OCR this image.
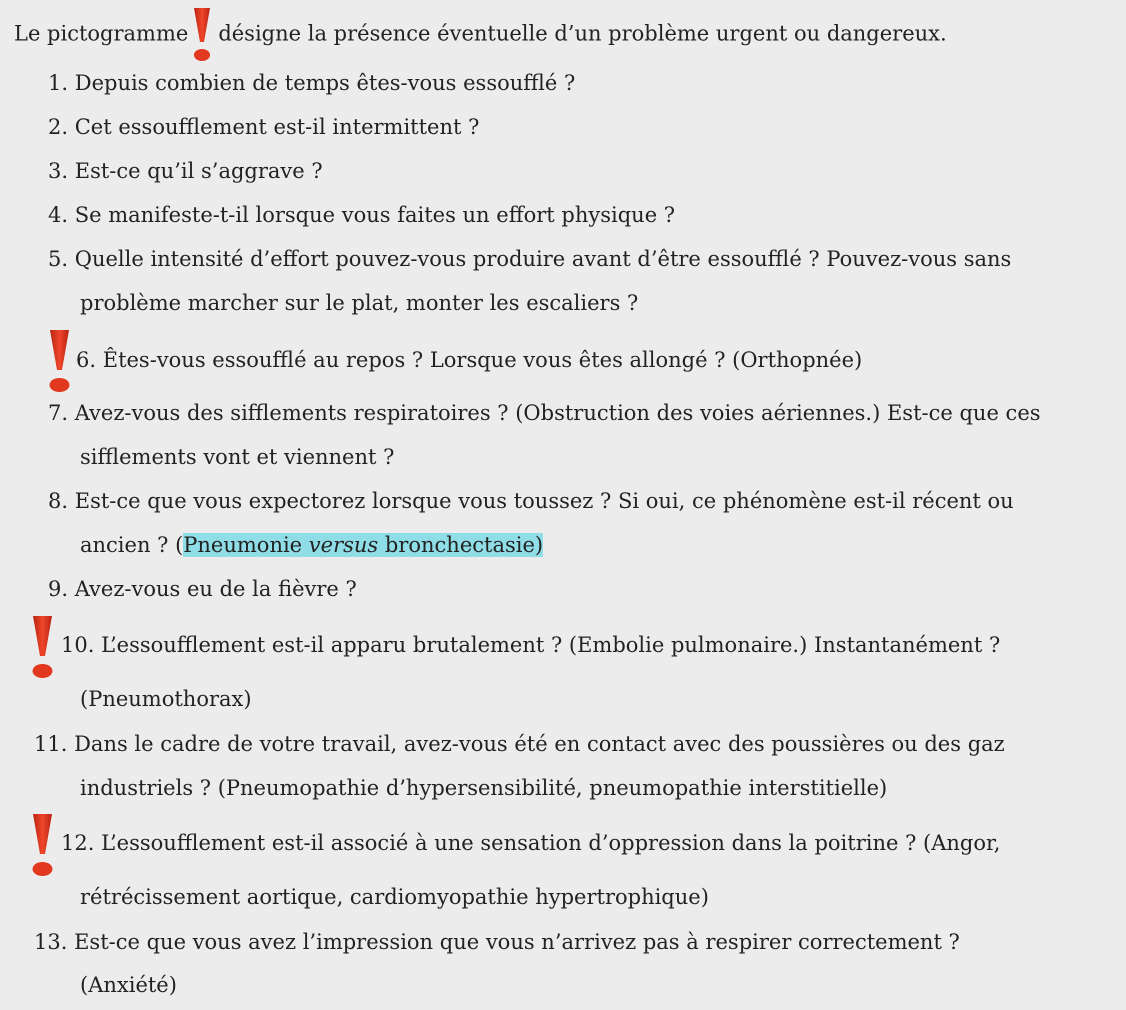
Le pictogramme désigne la présence éventuelle d’un problème urgent ou dangereux.
1. Depuis combien de temps êtes-vous essoufflé ?
2. Cet essoufflement est-il intermittent ?
3. Est-ce qu’il s’aggrave ?
4. Se manifeste-t-il lorsque vous faites un effort physique ?
5. Quelle intensité d’effort pouvez-vous produire avant d’être essoufflé ? Pouvez-vous sans
problème marcher sur le plat, monter les escaliers ?
6. Êtes-vous essoufflé au repos ? Lorsque vous êtes allongé ? (Orthopnée)
7. Avez-vous des sifflements respiratoires ? (Obstruction des voies aériennes.) Est-ce que ces
sifflements vont et viennent ?
8. Est-ce que vous expectorez lorsque vous toussez ? Si oui, ce phénomène est-il récent ou
ancien ? (Pneumonie versus bronchectasie)
9. Avez-vous eu de la fièvre ?
10. L’essoufflement est-il apparu brutalement ? (Embolie pulmonaire.) Instantanément ?
(Pneumothorax)
11. Dans le cadre de votre travail, avez-vous été en contact avec des poussières ou des gaz
industriels ? (Pneumopathie d’hypersensibilité, pneumopathie interstitielle)
12. L’essoufflement est-il associé à une sensation d’oppression dans la poitrine ? (Angor,
rétrécissement aortique, cardiomyopathie hypertrophique)
13. Est-ce que vous avez l’impression que vous n’arrivez pas à respirer correctement ?
(Anxiété)
